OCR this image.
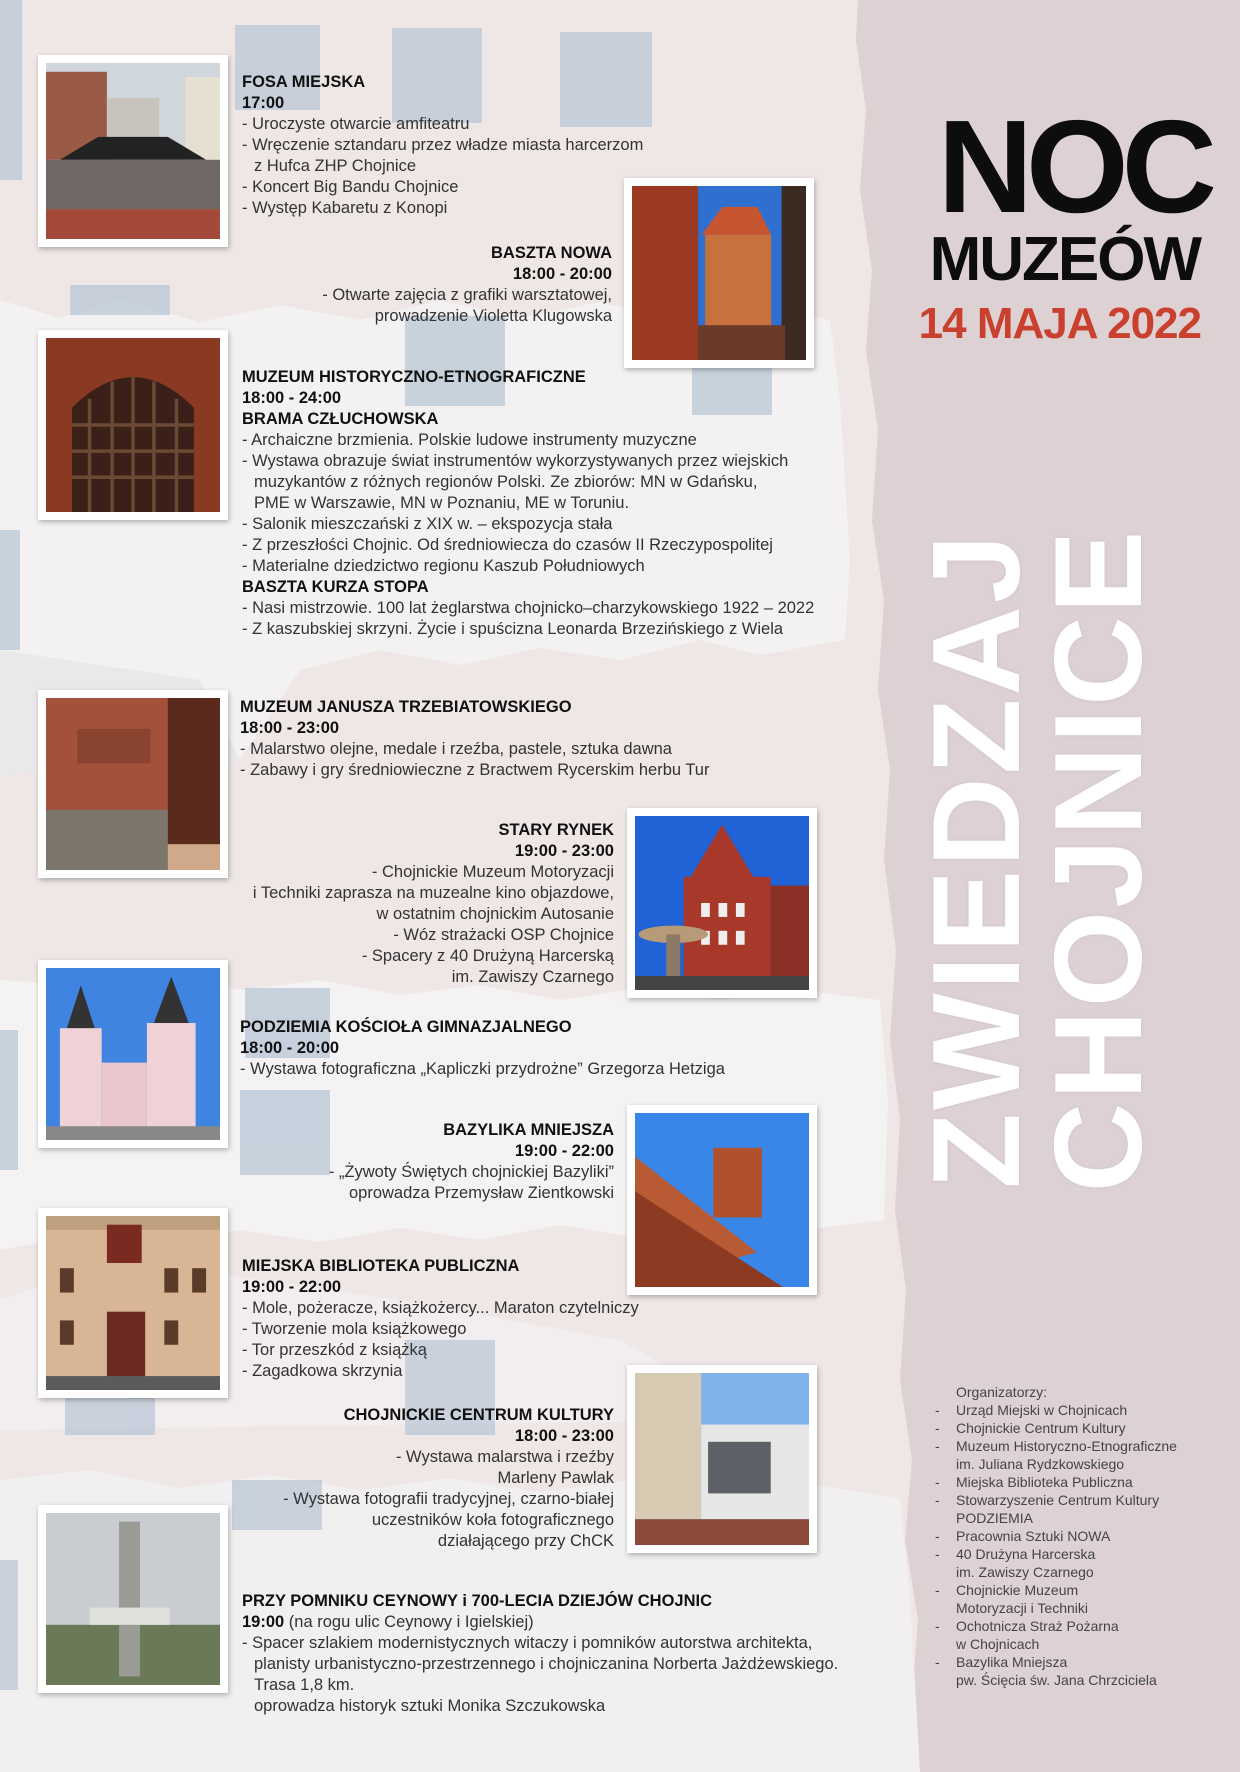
NOC
MUZEÓW
14 MAJA 2022
ZWIEDZAJ
CHOJNICE
FOSA MIEJSKA
17:00
- Uroczyste otwarcie amfiteatru
- Wręczenie sztandaru przez władze miasta harcerzom
z Hufca ZHP Chojnice
- Koncert Big Bandu Chojnice
- Występ Kabaretu z Konopi
BASZTA NOWA
18:00 - 20:00
- Otwarte zajęcia z grafiki warsztatowej,
prowadzenie Violetta Klugowska
MUZEUM HISTORYCZNO-ETNOGRAFICZNE
18:00 - 24:00
BRAMA CZŁUCHOWSKA
- Archaiczne brzmienia. Polskie ludowe instrumenty muzyczne
- Wystawa obrazuje świat instrumentów wykorzystywanych przez wiejskich
muzykantów z różnych regionów Polski. Ze zbiorów: MN w Gdańsku,
PME w Warszawie, MN w Poznaniu, ME w Toruniu.
- Salonik mieszczański z XIX w. – ekspozycja stała
- Z przeszłości Chojnic. Od średniowiecza do czasów II Rzeczypospolitej
- Materialne dziedzictwo regionu Kaszub Południowych
BASZTA KURZA STOPA
- Nasi mistrzowie. 100 lat żeglarstwa chojnicko–charzykowskiego 1922 – 2022
- Z kaszubskiej skrzyni. Życie i spuścizna Leonarda Brzezińskiego z Wiela
MUZEUM JANUSZA TRZEBIATOWSKIEGO
18:00 - 23:00
- Malarstwo olejne, medale i rzeźba, pastele, sztuka dawna
- Zabawy i gry średniowieczne z Bractwem Rycerskim herbu Tur
STARY RYNEK
19:00 - 23:00
- Chojnickie Muzeum Motoryzacji
i Techniki zaprasza na muzealne kino objazdowe,
w ostatnim chojnickim Autosanie
- Wóz strażacki OSP Chojnice
- Spacery z 40 Drużyną Harcerską
im. Zawiszy Czarnego
PODZIEMIA KOŚCIOŁA GIMNAZJALNEGO
18:00 - 20:00
- Wystawa fotograficzna „Kapliczki przydrożne” Grzegorza Hetziga
BAZYLIKA MNIEJSZA
19:00 - 22:00
- „Żywoty Świętych chojnickiej Bazyliki”
oprowadza Przemysław Zientkowski
MIEJSKA BIBLIOTEKA PUBLICZNA
19:00 - 22:00
- Mole, pożeracze, książkożercy... Maraton czytelniczy
- Tworzenie mola książkowego
- Tor przeszkód z książką
- Zagadkowa skrzynia
CHOJNICKIE CENTRUM KULTURY
18:00 - 23:00
- Wystawa malarstwa i rzeźby
Marleny Pawlak
- Wystawa fotografii tradycyjnej, czarno-białej
uczestników koła fotograficznego
działającego przy ChCK
PRZY POMNIKU CEYNOWY i 700-LECIA DZIEJÓW CHOJNIC
19:00 (na rogu ulic Ceynowy i Igielskiej)
- Spacer szlakiem modernistycznych witaczy i pomników autorstwa architekta,
planisty urbanistyczno-przestrzennego i chojniczanina Norberta Jażdżewskiego.
Trasa 1,8 km.
oprowadza historyk sztuki Monika Szczukowska
Organizatorzy:
- Urząd Miejski w Chojnicach
- Chojnickie Centrum Kultury
- Muzeum Historyczno-Etnograficzne
im. Juliana Rydzkowskiego
- Miejska Biblioteka Publiczna
- Stowarzyszenie Centrum Kultury
PODZIEMIA
- Pracownia Sztuki NOWA
- 40 Drużyna Harcerska
im. Zawiszy Czarnego
- Chojnickie Muzeum
Motoryzacji i Techniki
- Ochotnicza Straż Pożarna
w Chojnicach
- Bazylika Mniejsza
pw. Ścięcia św. Jana Chrzciciela
